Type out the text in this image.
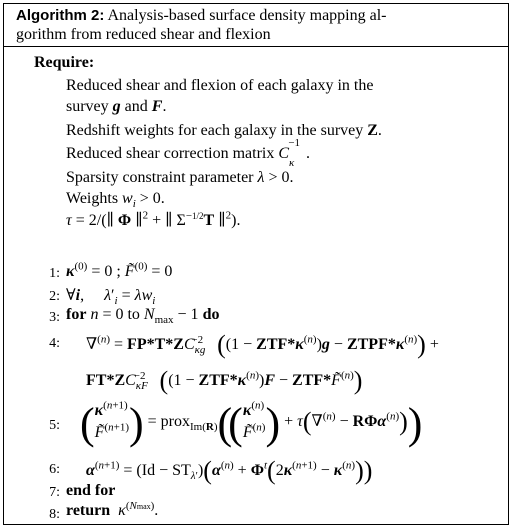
Algorithm 2: Analysis-based surface density mapping al-
gorithm from reduced shear and flexion
Require:
Reduced shear and flexion of each galaxy in the
survey g and F.
Redshift weights for each galaxy in the survey Z.
Reduced shear correction matrix $C_\kappa^{-1}$.
Sparsity constraint parameter λ > 0.
Weights $w_i > 0$.
τ = 2/(∥ Φ ∥$^2$ + ∥ $\Sigma^{-1/2}T$ ∥$^2$).
1: $\kappa^{(0)} = 0$ ; F̃$^{(0)}$ = 0
2: ∀i,     $\lambda'_i = \lambda w_i$
3: for n = 0 to $N_{max} - 1$ do
4: $\nabla^{(n)} = FP*T*ZC_{\kappa g}^{-2}$ ($(1 - ZTF*\kappa^{(n)})g$ − $ZTPF*\kappa^{(n)}$) +
$FT*ZC_{\kappa F}^{-2}$ ($(1 - ZTF*\kappa^{(n)})F$ − ZTF*F̃$^{(n)}$)
5: ($\kappa^{(n+1)}$
F̃$^{(n+1)}$) = $prox_{Im(R)}((\kappa^{(n)}$
F̃$^{(n)}$) + τ(∇$^{(n)}$ − RΦα$^{(n)}$))
6: $\alpha^{(n+1)} = (Id - ST_{\lambda'})(\alpha^{(n)} + \Phi^t(2\kappa^{(n+1)} - \kappa^{(n)}))$
7: end for
8: return $\kappa^{(Nmax)}$.
